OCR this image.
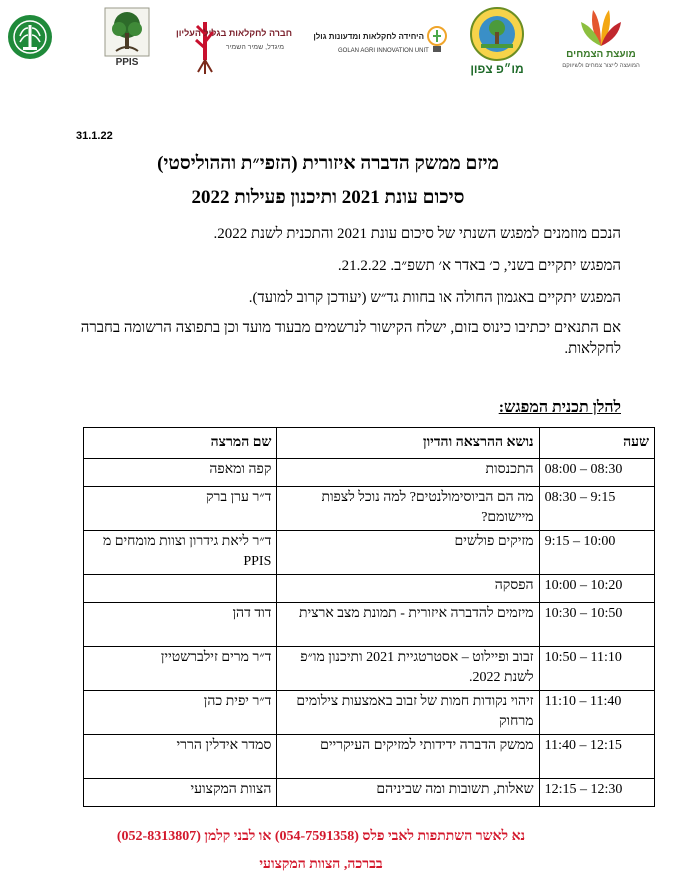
PPIS
חברה לחקלאות בגליל העליון
מיגדל, שמיר השמיר
היחידה לחקלאות ומדעונות גולן
GOLAN AGRI INNOVATION UNIT
מו״פ צפון
מועצת הצמחים
המועצה לייצור צמחים ולשיווקם
31.1.22
מיזם ממשק הדברה איזורית (הזפי״ת וההוליסטי)
סיכום עונת 2021 ותיכנון פעילות 2022
הנכם מוזמנים למפגש השנתי של סיכום עונת 2021 והתכנית לשנת 2022.
המפגש יתקיים בשני, כ׳ באדר א׳ תשפ״ב. 21.2.22.
המפגש יתקיים באגמון החולה או בחוות גד״ש (יעודכן קרוב למועד).
אם התנאים יכתיבו כינוס בזום, ישלח הקישור לנרשמים מבעוד מועד וכן בתפוצה הרשומה בחברה לחקלאות.
להלן תכנית המפגש:
שעה	נושא ההרצאה והדיון	שם המרצה
08:00 – 08:30	התכנסות	קפה ומאפה
08:30 – 9:15	מה הם הביוסימולנטים? למה נוכל לצפות מיישומם?	ד״ר ערן ברק
9:15 – 10:00	מזיקים פולשים	ד״ר ליאת גידרון וצוות מומחים מ PPIS
10:00 – 10:20	הפסקה	
10:30 – 10:50	מיזמים להדברה איזורית - תמונת מצב ארצית	דוד דהן
10:50 – 11:10	זבוב ופיילוט – אסטרטגיית 2021 ותיכנון מו״פ לשנת 2022.	ד״ר מרים זילברשטיין
11:10 – 11:40	זיהוי נקודות חמות של זבוב באמצעות צילומים מרחוק	ד״ר יפית כהן
11:40 – 12:15	ממשק הדברה ידידותי למזיקים העיקריים	סמדר אידלין הררי
12:15 – 12:30	שאלות, תשובות ומה שביניהם	הצוות המקצועי
נא לאשר השתתפות לאבי פלס (054-7591358) או לבני קלמן (052-8313807)
בברכה, הצוות המקצועי
